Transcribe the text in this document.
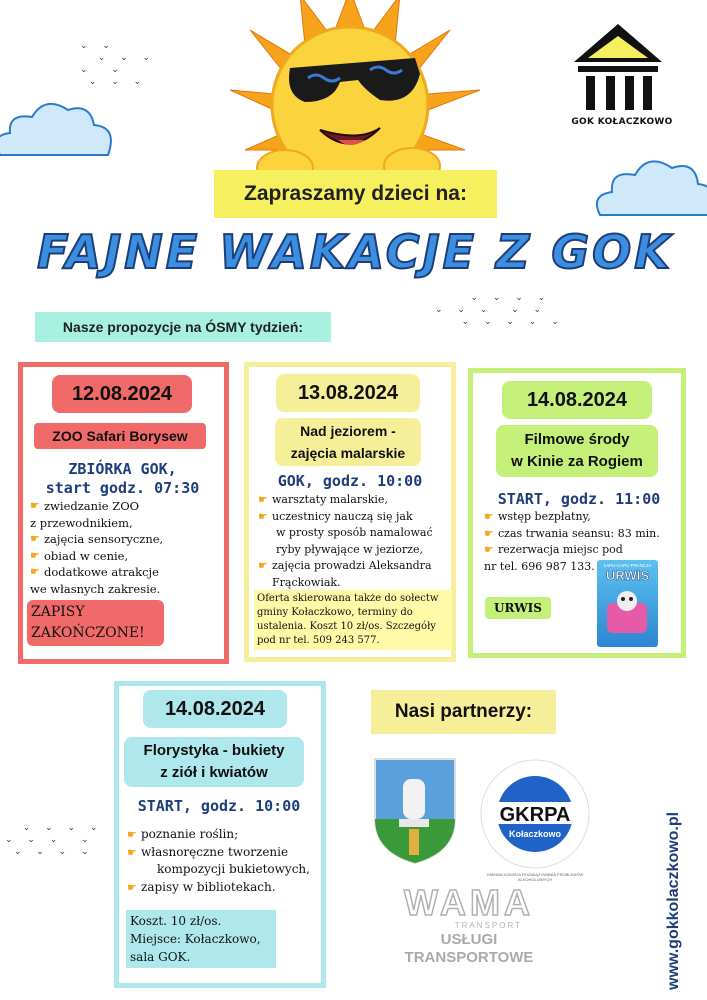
⌄ ⌄
⌄ ⌄ ⌄
⌄  ⌄
⌄ ⌄ ⌄
⌄ ⌄ ⌄ ⌄
⌄ ⌄ ⌄  ⌄ ⌄
⌄ ⌄ ⌄ ⌄ ⌄
⌄ ⌄ ⌄ ⌄
⌄ ⌄ ⌄  ⌄
⌄ ⌄ ⌄ ⌄
GOK KOŁACZKOWO
Zapraszamy dzieci na:
FAJNE WAKACJE Z GOK
Nasze propozycje na ÓSMY tydzień:
12.08.2024
ZOO Safari Borysew
ZBIÓRKA GOK,
start godz. 07:30
☛ zwiedzanie ZOO
z przewodnikiem,
☛ zajęcia sensoryczne,
☛ obiad w cenie,
☛ dodatkowe atrakcje
we własnych zakresie.
ZAPISY
ZAKOŃCZONE!
13.08.2024
Nad jeziorem -
zajęcia malarskie
GOK, godz. 10:00
☛ warsztaty malarskie,
☛ uczestnicy nauczą się jak
w prosty sposób namalować
ryby pływające w jeziorze,
☛ zajęcia prowadzi Aleksandra
Frąckowiak.
Oferta skierowana także do sołectw
gminy Kołaczkowo, terminy do
ustalenia. Koszt 10 zł/os. Szczegóły
pod nr tel. 509 243 577.
14.08.2024
Filmowe środy
w Kinie za Rogiem
START, godz. 11:00
☛ wstęp bezpłatny,
☛ czas trwania seansu: 83 min.
☛ rezerwacja miejsc pod
nr tel. 696 987 133.	ŁAPU-CAPU FRANCJA
URWIS
URWIS
14.08.2024
Florystyka - bukiety
z ziół i kwiatów
START, godz. 10:00
☛ poznanie roślin;
☛ własnoręczne tworzenie
kompozycji bukietowych,
☛ zapisy w bibliotekach.
Koszt. 10 zł/os.
Miejsce: Kołaczkowo,
sala GOK.
Nasi partnerzy:
GKRPA
Kołaczkowo
GMINNA KOMISJA ROZWIĄZYWANIA PROBLEMÓW ALKOHOLOWYCH
WAMA
TRANSPORT
USŁUGI TRANSPORTOWE	www.gokkolaczkowo.pl
